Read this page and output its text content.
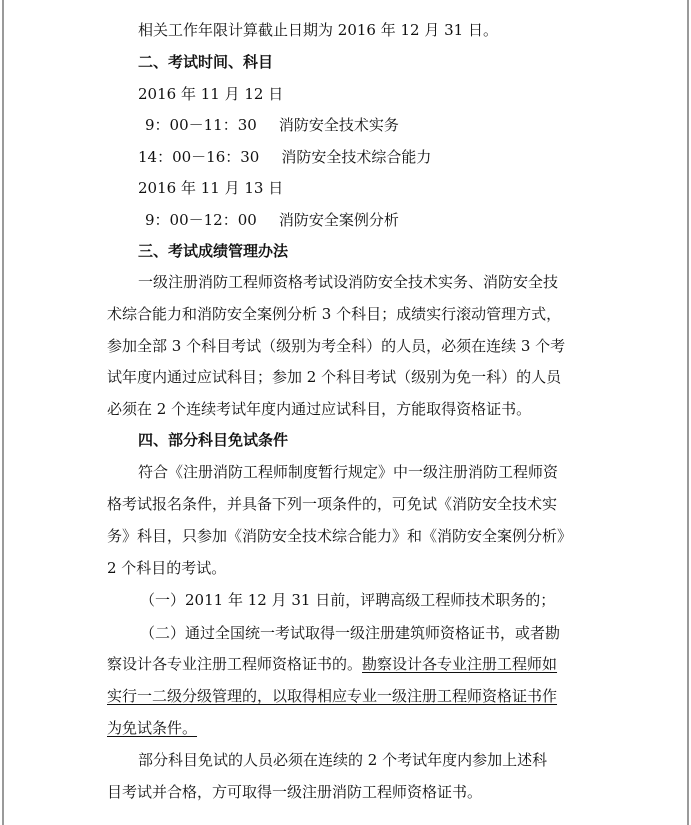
相关工作年限计算截止日期为 2016 年 12 月 31 日。
二、考试时间、科目
2016 年 11 月 12 日
9：00－11：30 消防安全技术实务
14：00－16：30 消防安全技术综合能力
2016 年 11 月 13 日
9：00－12：00 消防安全案例分析
三、考试成绩管理办法
一级注册消防工程师资格考试设消防安全技术实务、消防安全技
术综合能力和消防安全案例分析 3 个科目；成绩实行滚动管理方式，
参加全部 3 个科目考试（级别为考全科）的人员，必须在连续 3 个考
试年度内通过应试科目；参加 2 个科目考试（级别为免一科）的人员
必须在 2 个连续考试年度内通过应试科目，方能取得资格证书。
四、部分科目免试条件
符合《注册消防工程师制度暂行规定》中一级注册消防工程师资
格考试报名条件，并具备下列一项条件的，可免试《消防安全技术实
务》科目，只参加《消防安全技术综合能力》和《消防安全案例分析》
2 个科目的考试。
（一）2011 年 12 月 31 日前，评聘高级工程师技术职务的；
（二）通过全国统一考试取得一级注册建筑师资格证书，或者勘
察设计各专业注册工程师资格证书的。勘察设计各专业注册工程师如
实行一二级分级管理的，以取得相应专业一级注册工程师资格证书作
为免试条件。
部分科目免试的人员必须在连续的 2 个考试年度内参加上述科
目考试并合格，方可取得一级注册消防工程师资格证书。
